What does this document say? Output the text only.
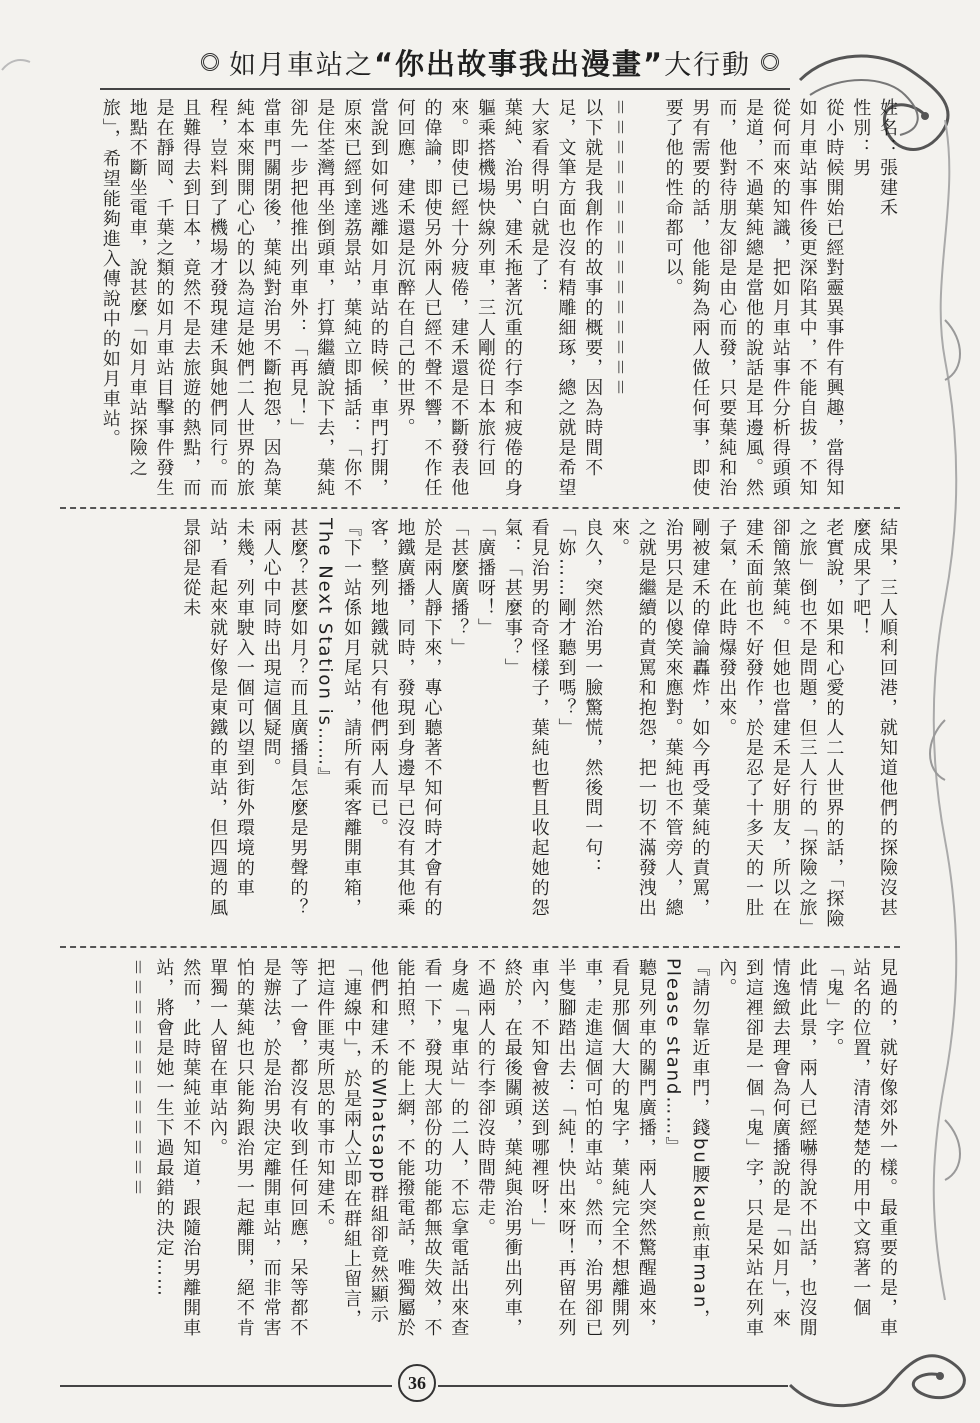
如月車站之 “你出故事我出漫畫” 大行動
姓名：張建禾
性別：男
從小時候開始已經對靈異事件有興趣，當得知如月車站事件後更深陷其中，不能自拔，不知從何而來的知識，把如月車站事件分析得頭頭是道，不過葉純總是當他的說話是耳邊風。然而，他對待朋友卻是由心而發，只要葉純和治男有需要的話，他能夠為兩人做任何事，即使要了他的性命都可以。

＝＝＝＝＝＝＝＝＝＝＝＝＝＝＝
以下就是我創作的故事的概要，因為時間不足，文筆方面也沒有精雕細琢，總之就是希望大家看得明白就是了：
葉純、治男、建禾拖著沉重的行李和疲倦的身軀乘搭機場快線列車，三人剛從日本旅行回來。即使已經十分疲倦，建禾還是不斷發表他的偉論，即使另外兩人已經不聲不響，不作任何回應，建禾還是沉醉在自己的世界。
當說到如何逃離如月車站的時候，車門打開，原來已經到達荔景站，葉純立即插話：「你不是住荃灣再坐倒頭車，打算繼續說下去，葉純卻先一步把他推出列車外：「再見！」
當車門關閉後，葉純對治男不斷抱怨，因為葉純本來開開心心的以為這是她們二人世界的旅程，豈料到了機場才發現建禾與她們同行。而且難得去到日本，竟然不是去旅遊的熱點，而是在靜岡、千葉之類的如月車站目擊事件發生地點不斷坐電車，說甚麼「如月車站探險之旅」，希望能夠進入傳說中的如月車站。
結果，三人順利回港，就知道他們的探險沒甚麼成果了吧！
老實說，如果和心愛的人二人世界的話，「探險之旅」倒也不是問題，但三人行的「探險之旅」卻簡煞葉純。但她也當建禾是好朋友，所以在建禾面前也不好發作，於是忍了十多天的一肚子氣，在此時爆發出來。
剛被建禾的偉論轟炸，如今再受葉純的責罵，治男只是以傻笑來應對。葉純也不管旁人，總之就是繼續的責罵和抱怨，把一切不滿發洩出來。
良久，突然治男一臉驚慌，然後問一句：「妳……剛才聽到嗎？」
看見治男的奇怪樣子，葉純也暫且收起她的怨氣：「甚麼事？」
「廣播呀！」
「甚麼廣播？」
於是兩人靜下來，專心聽著不知何時才會有的地鐵廣播，同時，發現到身邊早已沒有其他乘客，整列地鐵就只有他們兩人而已。
『下一站係如月尾站，請所有乘客離開車箱，The Next Station is……』
甚麼？甚麼如月？而且廣播員怎麼是男聲的？兩人心中同時出現這個疑問。
未幾，列車駛入一個可以望到街外環境的車站，看起來就好像是東鐵的車站，但四週的風景卻是從未
見過的，就好像郊外一樣。最重要的是，車站名的位置，清清楚楚的用中文寫著一個「鬼」字。
此情此景，兩人已經嚇得說不出話，也沒閒情逸緻去理會為何廣播說的是「如月」，來到這裡卻是一個「鬼」字，只是呆站在列車內。
『請勿靠近車門，錢bu腰kau煎車man，Please stand……』
聽見列車的關門廣播，兩人突然驚醒過來，看見那個大大的鬼字，葉純完全不想離開列車，走進這個可怕的車站。然而，治男卻已半隻腳踏出去：「純！快出來呀！再留在列車內，不知會被送到哪裡呀！」
終於，在最後關頭，葉純與治男衝出列車，不過兩人的行李卻沒時間帶走。
身處「鬼車站」的二人，不忘拿電話出來查看一下，發現大部份的功能都無故失效，不能拍照，不能上網，不能撥電話，唯獨屬於他們和建禾的Whatsapp群組卻竟然顯示「連線中」，於是兩人立即在群組上留言，把這件匪夷所思的事市知建禾。
等了一會，都沒有收到任何回應，呆等都不是辦法，於是治男決定離開車站，而非常害怕的葉純也只能夠跟治男一起離開，絕不肯單獨一人留在車站內。
然而，此時葉純並不知道，跟隨治男離開車站，將會是她一生下過最錯的決定……
＝＝＝＝＝＝＝＝＝＝＝＝
36
